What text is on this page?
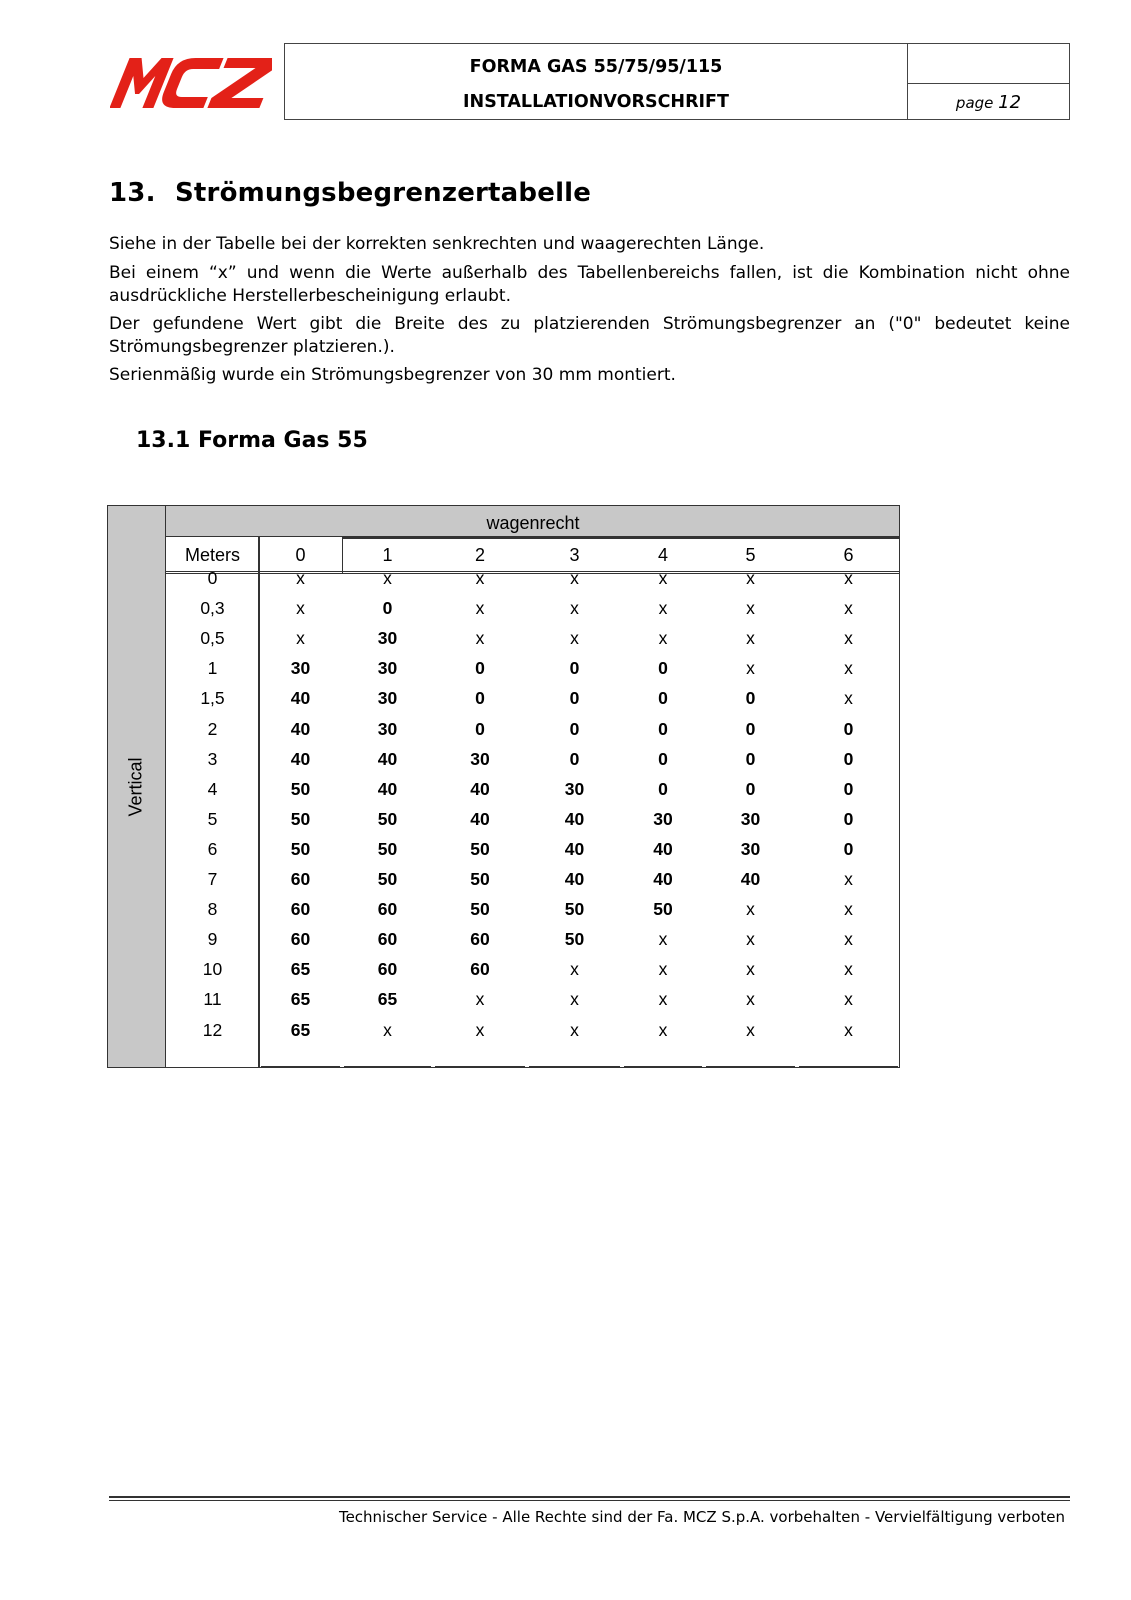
FORMA GAS 55/75/95/115
INSTALLATIONVORSCHRIFT	page 12
13. Strömungsbegrenzertabelle

Siehe in der Tabelle bei der korrekten senkrechten und waagerechten Länge.

Bei einem “x” und wenn die Werte außerhalb des Tabellenbereichs fallen, ist die Kombination nicht ohne ausdrückliche Herstellerbescheinigung erlaubt.

Der gefundene Wert gibt die Breite des zu platzierenden Strömungsbegrenzer an ("0" bedeutet keine Strömungsbegrenzer platzieren.).

Serienmäßig wurde ein Strömungsbegrenzer von 30 mm montiert.

13.1 Forma Gas 55
Vertical
wagenrecht
Meters	0	1	2	3	4	5	6
0	x	x	x	x	x	x	x
0,3	x	0	x	x	x	x	x
0,5	x	30	x	x	x	x	x
1	30	30	0	0	0	x	x
1,5	40	30	0	0	0	0	x
2	40	30	0	0	0	0	0
3	40	40	30	0	0	0	0
4	50	40	40	30	0	0	0
5	50	50	40	40	30	30	0
6	50	50	50	40	40	30	0
7	60	50	50	40	40	40	x
8	60	60	50	50	50	x	x
9	60	60	60	50	x	x	x
10	65	60	60	x	x	x	x
11	65	65	x	x	x	x	x
12	65	x	x	x	x	x	x
Technischer Service - Alle Rechte sind der Fa. MCZ S.p.A. vorbehalten - Vervielfältigung verboten
